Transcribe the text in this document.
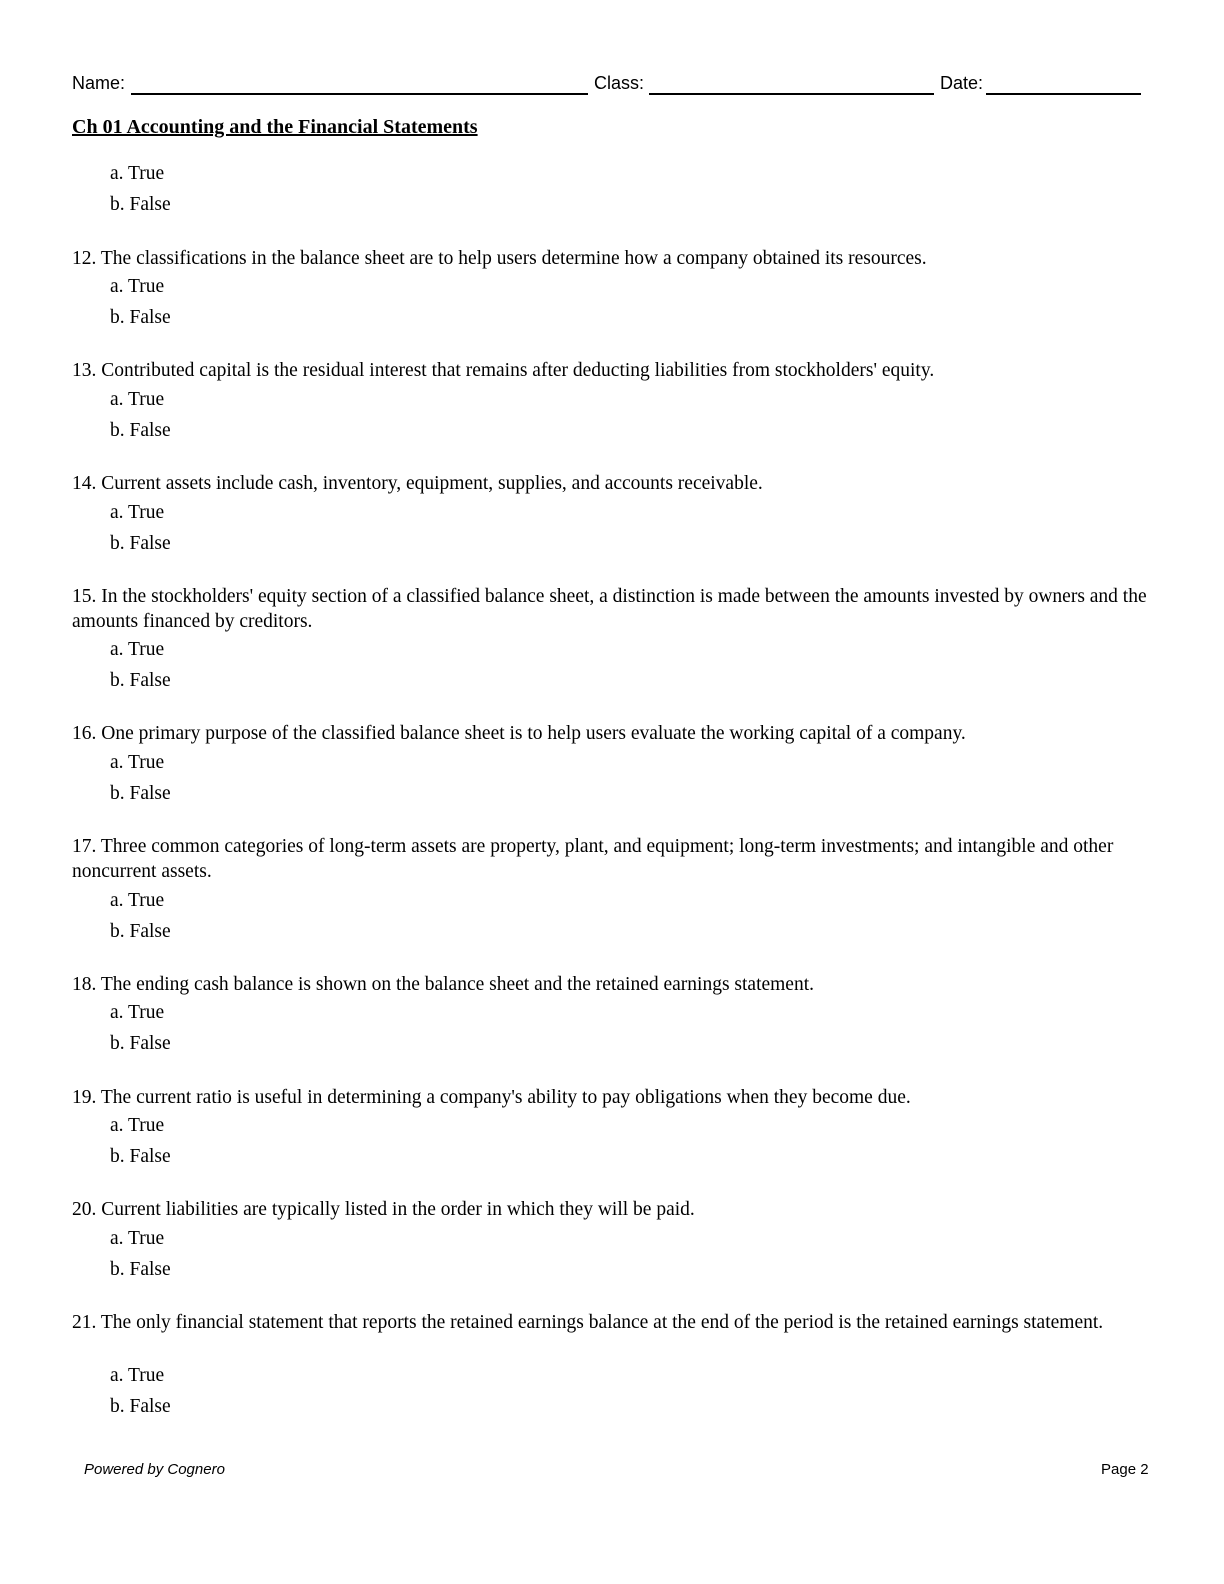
Name:	Class:	Date:
Ch 01 Accounting and the Financial Statements
a. True
b. False
12. The classifications in the balance sheet are to help users determine how a company obtained its resources.
a. True
b. False
13. Contributed capital is the residual interest that remains after deducting liabilities from stockholders' equity.
a. True
b. False
14. Current assets include cash, inventory, equipment, supplies, and accounts receivable.
a. True
b. False
15. In the stockholders' equity section of a classified balance sheet, a distinction is made between the amounts invested by owners and the amounts financed by creditors.
a. True
b. False
16. One primary purpose of the classified balance sheet is to help users evaluate the working capital of a company.
a. True
b. False
17. Three common categories of long-term assets are property, plant, and equipment; long-term investments; and intangible and other noncurrent assets.
a. True
b. False
18. The ending cash balance is shown on the balance sheet and the retained earnings statement.
a. True
b. False
19. The current ratio is useful in determining a company's ability to pay obligations when they become due.
a. True
b. False
20. Current liabilities are typically listed in the order in which they will be paid.
a. True
b. False
21. The only financial statement that reports the retained earnings balance at the end of the period is the retained earnings statement.
a. True
b. False
Powered by Cognero	Page 2
